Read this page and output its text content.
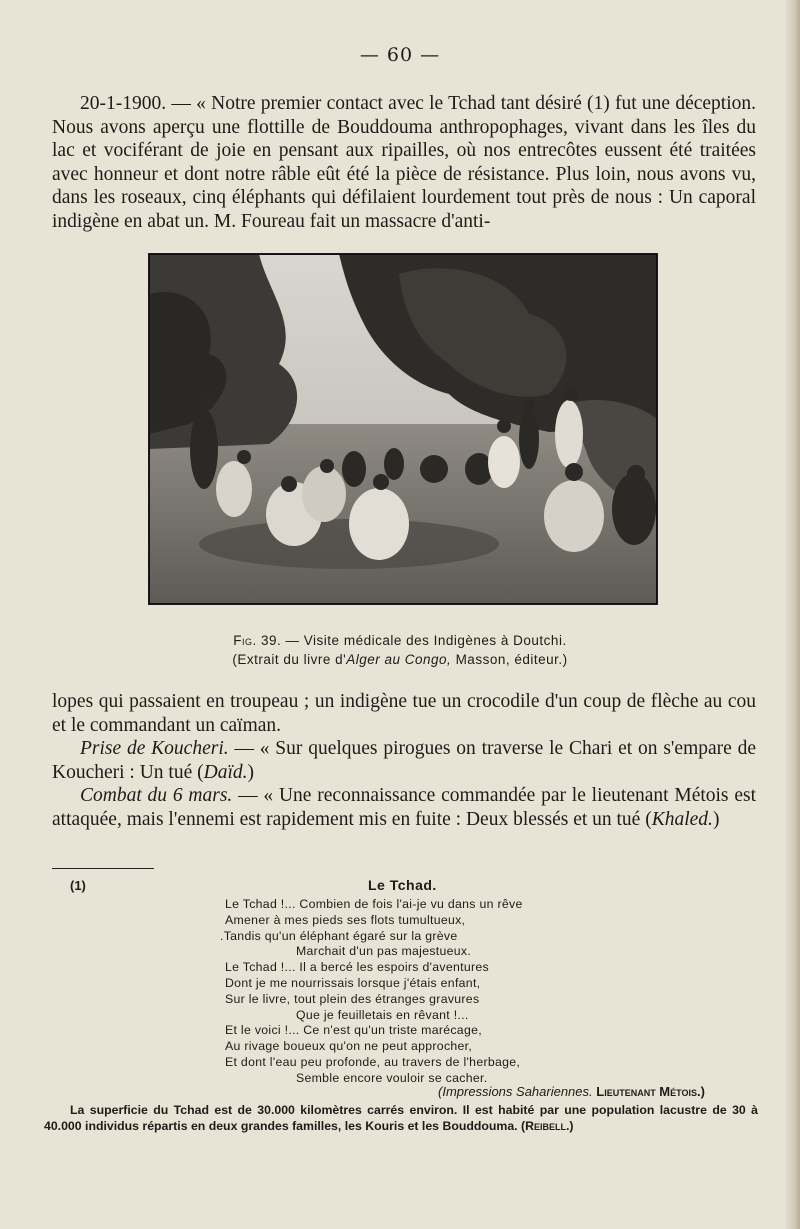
— 60 —

20-1-1900. — « Notre premier contact avec le Tchad tant désiré (1) fut une déception. Nous avons aperçu une flottille de Bouddouma anthropophages, vivant dans les îles du lac et vociférant de joie en pensant aux ripailles, où nos entrecôtes eussent été traitées avec honneur et dont notre râble eût été la pièce de résistance. Plus loin, nous avons vu, dans les roseaux, cinq éléphants qui défilaient lourdement tout près de nous : Un caporal indigène en abat un. M. Foureau fait un massacre d'anti-

Fig. 39. — Visite médicale des Indigènes à Doutchi.
(Extrait du livre d'Alger au Congo, Masson, éditeur.)

lopes qui passaient en troupeau ; un indigène tue un crocodile d'un coup de flèche au cou et le commandant un caïman.

Prise de Koucheri. — « Sur quelques pirogues on traverse le Chari et on s'empare de Koucheri : Un tué (Daïd.)

Combat du 6 mars. — « Une reconnaissance commandée par le lieutenant Métois est attaquée, mais l'ennemi est rapidement mis en fuite : Deux blessés et un tué (Khaled.)

(1)	Le Tchad.
Le Tchad !... Combien de fois l'ai-je vu dans un rêve
Amener à mes pieds ses flots tumultueux,
.Tandis qu'un éléphant égaré sur la grève
Marchait d'un pas majestueux.
Le Tchad !... Il a bercé les espoirs d'aventures
Dont je me nourrissais lorsque j'étais enfant,
Sur le livre, tout plein des étranges gravures
Que je feuilletais en rêvant !...
Et le voici !... Ce n'est qu'un triste marécage,
Au rivage boueux qu'on ne peut approcher,
Et dont l'eau peu profonde, au travers de l'herbage,
Semble encore vouloir se cacher.
(Impressions Sahariennes. Lieutenant Métois.)

La superficie du Tchad est de 30.000 kilomètres carrés environ. Il est habité par une population lacustre de 30 à 40.000 individus répartis en deux grandes familles, les Kouris et les Bouddouma. (Reibell.)
